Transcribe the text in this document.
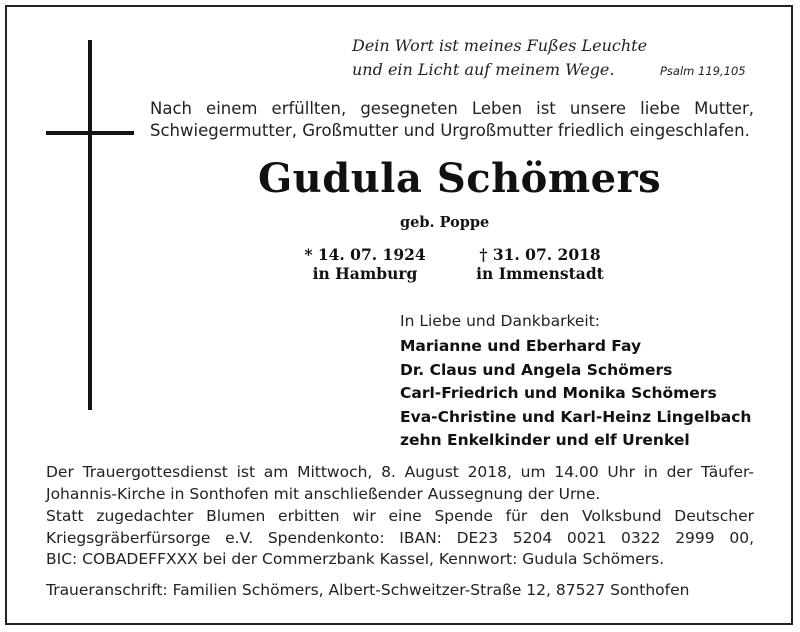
Dein Wort ist meines Fußes Leuchte

und ein Licht auf meinem Wege.	Psalm 119,105

Nach einem erfüllten, gesegneten Leben ist unsere liebe Mutter,
Schwiegermutter, Großmutter und Urgroßmutter friedlich eingeschlafen.

Gudula Schömers

geb. Poppe

* 14. 07. 1924
in Hamburg
† 31. 07. 2018
in Immenstadt

In Liebe und Dankbarkeit:

Marianne und Eberhard Fay
Dr. Claus und Angela Schömers
Carl-Friedrich und Monika Schömers
Eva-Christine und Karl-Heinz Lingelbach
zehn Enkelkinder und elf Urenkel

Der Trauergottesdienst ist am Mittwoch, 8. August 2018, um 14.00 Uhr in der Täufer-
Johannis-Kirche in Sonthofen mit anschließender Aussegnung der Urne.

Statt zugedachter Blumen erbitten wir eine Spende für den Volksbund Deutscher
Kriegsgräberfürsorge e.V. Spendenkonto: IBAN: DE23 5204 0021 0322 2999 00,
BIC: COBADEFFXXX bei der Commerzbank Kassel, Kennwort: Gudula Schömers.

Traueranschrift: Familien Schömers, Albert-Schweitzer-Straße 12, 87527 Sonthofen
